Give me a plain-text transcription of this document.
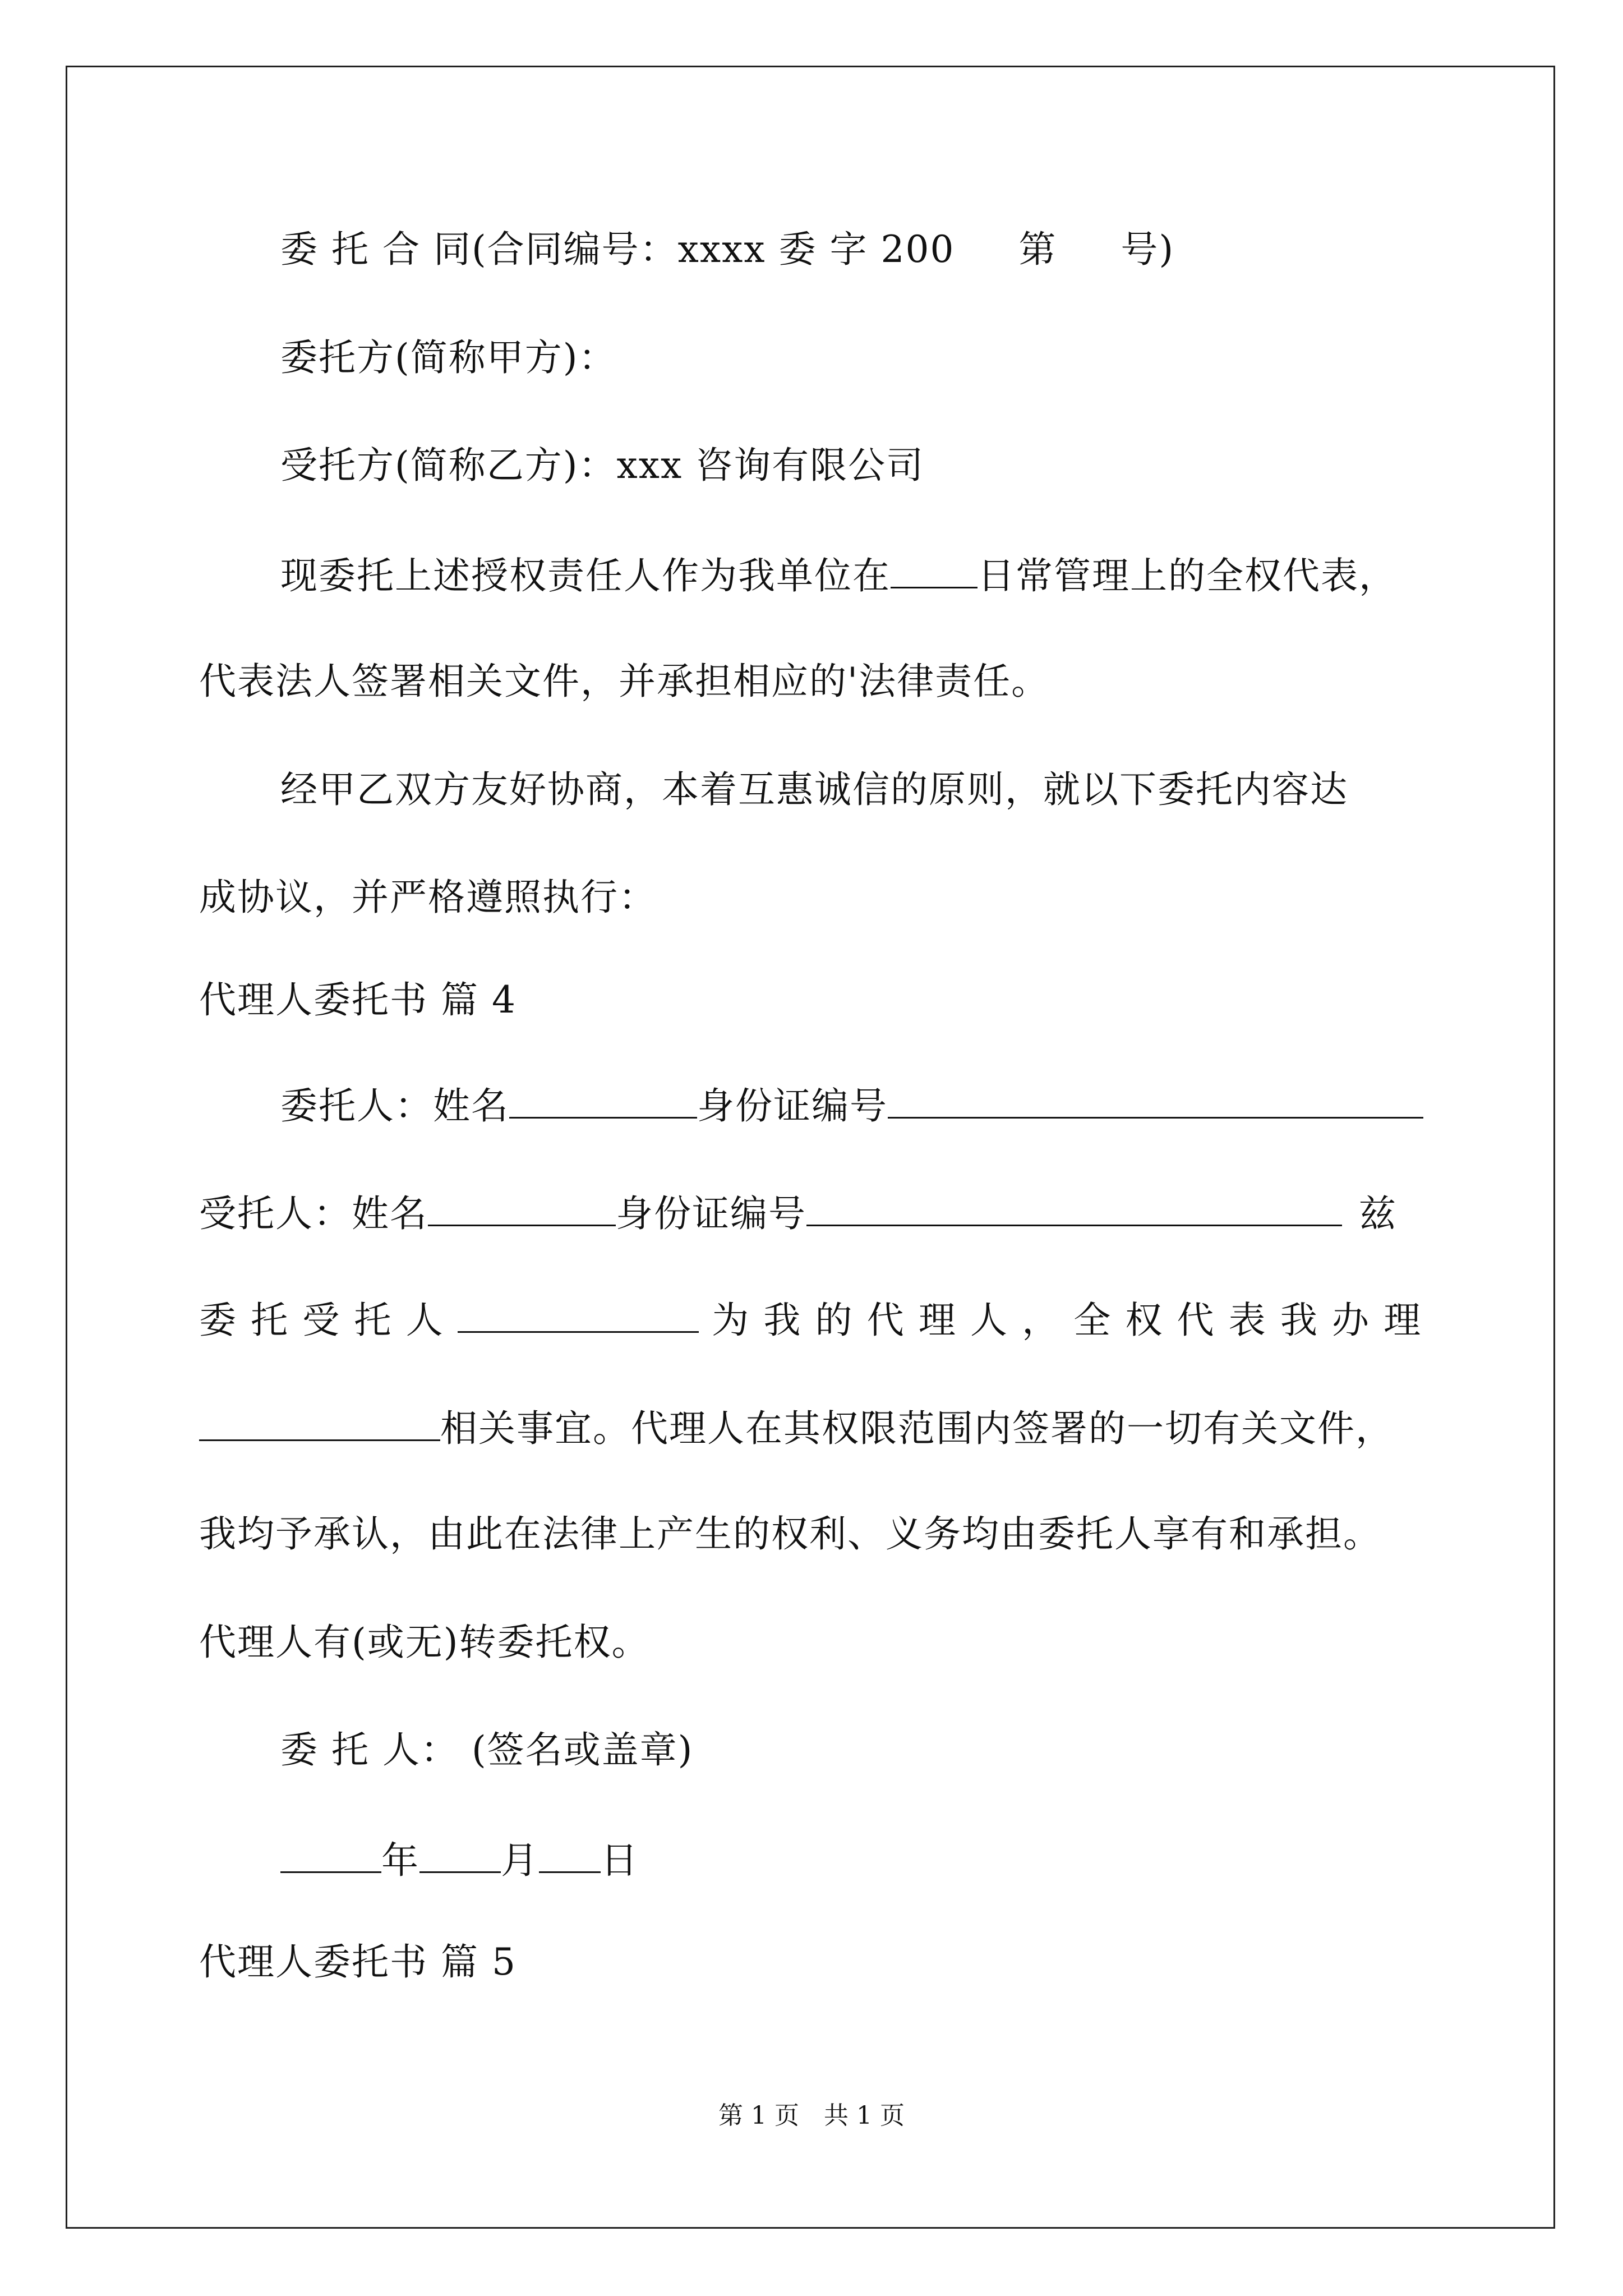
委 托 合 同(合同编号：xxxx 委 字 200 　 第 　 号)
委托方(简称甲方)：
受托方(简称乙方)：xxx 咨询有限公司
现委托上述授权责任人作为我单位在 日常管理上的全权代表，
代表法人签署相关文件，并承担相应的'法律责任。
经甲乙双方友好协商，本着互惠诚信的原则，就以下委托内容达
成协议，并严格遵照执行：
代理人委托书 篇 4
委托人：姓名	身份证编号
受托人：姓名	身份证编号	兹
委 托 受 托 人	为 我 的 代 理 人 ， 全 权 代 表 我 办 理
相关事宜。代理人在其权限范围内签署的一切有关文件，
我均予承认，由此在法律上产生的权利、义务均由委托人享有和承担。
代理人有(或无)转委托权。
委 托 人： (签名或盖章)
年 月 日
代理人委托书 篇 5
第 1 页　共 1 页
